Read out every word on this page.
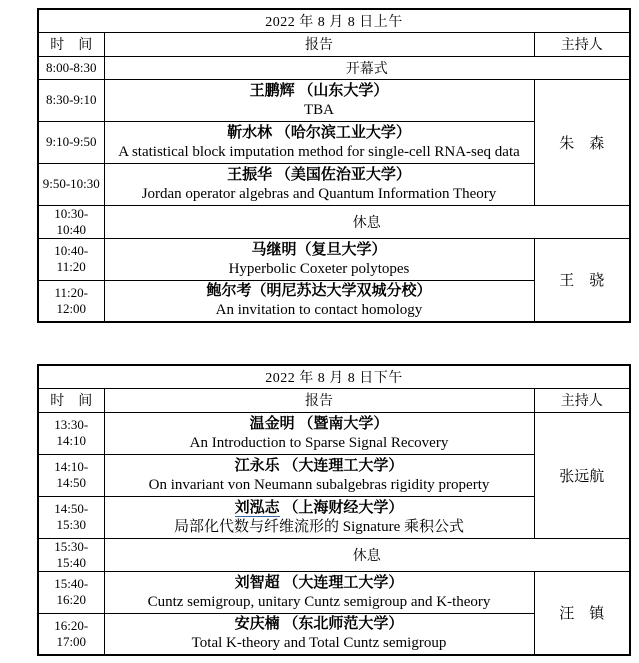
2022 年 8 月 8 日上午		
时　间	报告	主持人
8:00-8:30	开幕式	
8:30-9:10	王鹏辉 （山东大学）
TBA	朱　森
9:10-9:50	靳水林 （哈尔滨工业大学）
A statistical block imputation method for single-cell RNA-seq data	

9:50-10:30	王振华 （美国佐治亚大学）
Jordan operator algebras and Quantum Information Theory	

10:30-10:40	休息	
10:40-11:20	马继明（复旦大学）
Hyperbolic Coxeter polytopes	王　骁
11:20-12:00	鲍尔考（明尼苏达大学双城分校）
An invitation to contact homology	
2022 年 8 月 8 日下午		
时　间	报告	主持人
13:30-14:10	温金明 （暨南大学）
An Introduction to Sparse Signal Recovery	张远航
14:10-14:50	江永乐 （大连理工大学）
On invariant von Neumann subalgebras rigidity property	

14:50-15:30	刘泓志 （上海财经大学）
局部化代数与纤维流形的 Signature 乘积公式	

15:30-15:40	休息	
15:40-16:20	刘智超 （大连理工大学）
Cuntz semigroup, unitary Cuntz semigroup and K-theory	汪　镇
16:20-17:00	安庆楠 （东北师范大学）
Total K-theory and Total Cuntz semigroup	
